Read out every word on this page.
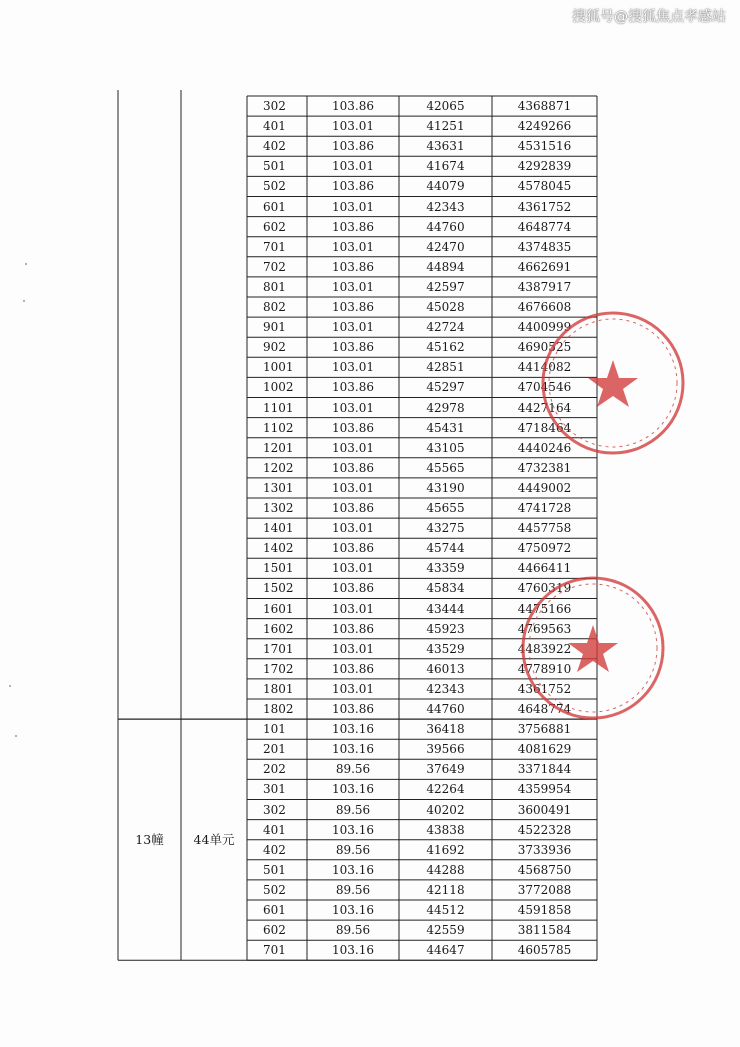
搜狐号@搜狐焦点孝感站
302	103.86	42065	4368871
401	103.01	41251	4249266
402	103.86	43631	4531516
501	103.01	41674	4292839
502	103.86	44079	4578045
601	103.01	42343	4361752
602	103.86	44760	4648774
701	103.01	42470	4374835
702	103.86	44894	4662691
801	103.01	42597	4387917
802	103.86	45028	4676608
901	103.01	42724	4400999
902	103.86	45162	4690525
1001	103.01	42851	4414082
1002	103.86	45297	4704546
1101	103.01	42978	4427164
1102	103.86	45431	4718464
1201	103.01	43105	4440246
1202	103.86	45565	4732381
1301	103.01	43190	4449002
1302	103.86	45655	4741728
1401	103.01	43275	4457758
1402	103.86	45744	4750972
1501	103.01	43359	4466411
1502	103.86	45834	4760319
1601	103.01	43444	4475166
1602	103.86	45923	4769563
1701	103.01	43529	4483922
1702	103.86	46013	4778910
1801	103.01	42343	4361752
1802	103.86	44760	4648774
101	103.16	36418	3756881
201	103.16	39566	4081629
202	89.56	37649	3371844
301	103.16	42264	4359954
302	89.56	40202	3600491
401	103.16	43838	4522328
402	89.56	41692	3733936
501	103.16	44288	4568750
502	89.56	42118	3772088
601	103.16	44512	4591858
602	89.56	42559	3811584
701	103.16	44647	4605785
13幢	44单元
